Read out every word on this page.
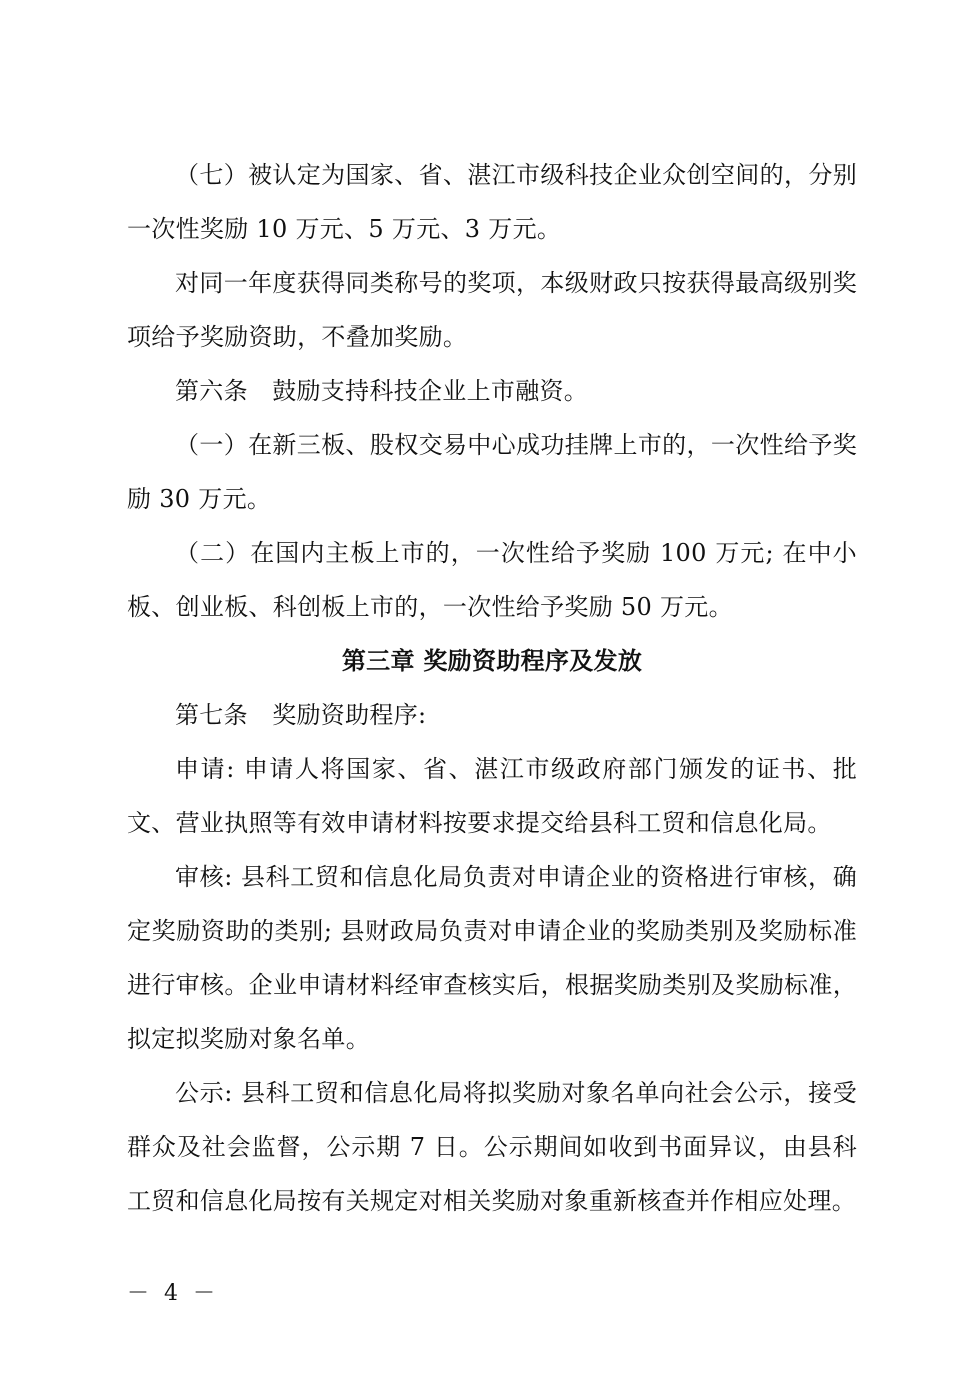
（七）被认定为国家、省、湛江市级科技企业众创空间的，分别一次性奖励 10 万元、5 万元、3 万元。

对同一年度获得同类称号的奖项，本级财政只按获得最高级别奖项给予奖励资助，不叠加奖励。

第六条　鼓励支持科技企业上市融资。

（一）在新三板、股权交易中心成功挂牌上市的，一次性给予奖励 30 万元。

（二）在国内主板上市的，一次性给予奖励 100 万元; 在中小板、创业板、科创板上市的，一次性给予奖励 50 万元。

第三章 奖励资助程序及发放

第七条　奖励资助程序:

申请: 申请人将国家、省、湛江市级政府部门颁发的证书、批文、营业执照等有效申请材料按要求提交给县科工贸和信息化局。

审核: 县科工贸和信息化局负责对申请企业的资格进行审核，确定奖励资助的类别; 县财政局负责对申请企业的奖励类别及奖励标准进行审核。企业申请材料经审查核实后，根据奖励类别及奖励标准，拟定拟奖励对象名单。

公示: 县科工贸和信息化局将拟奖励对象名单向社会公示，接受群众及社会监督，公示期 7 日。公示期间如收到书面异议，由县科工贸和信息化局按有关规定对相关奖励对象重新核查并作相应处理。

－ 4 －
